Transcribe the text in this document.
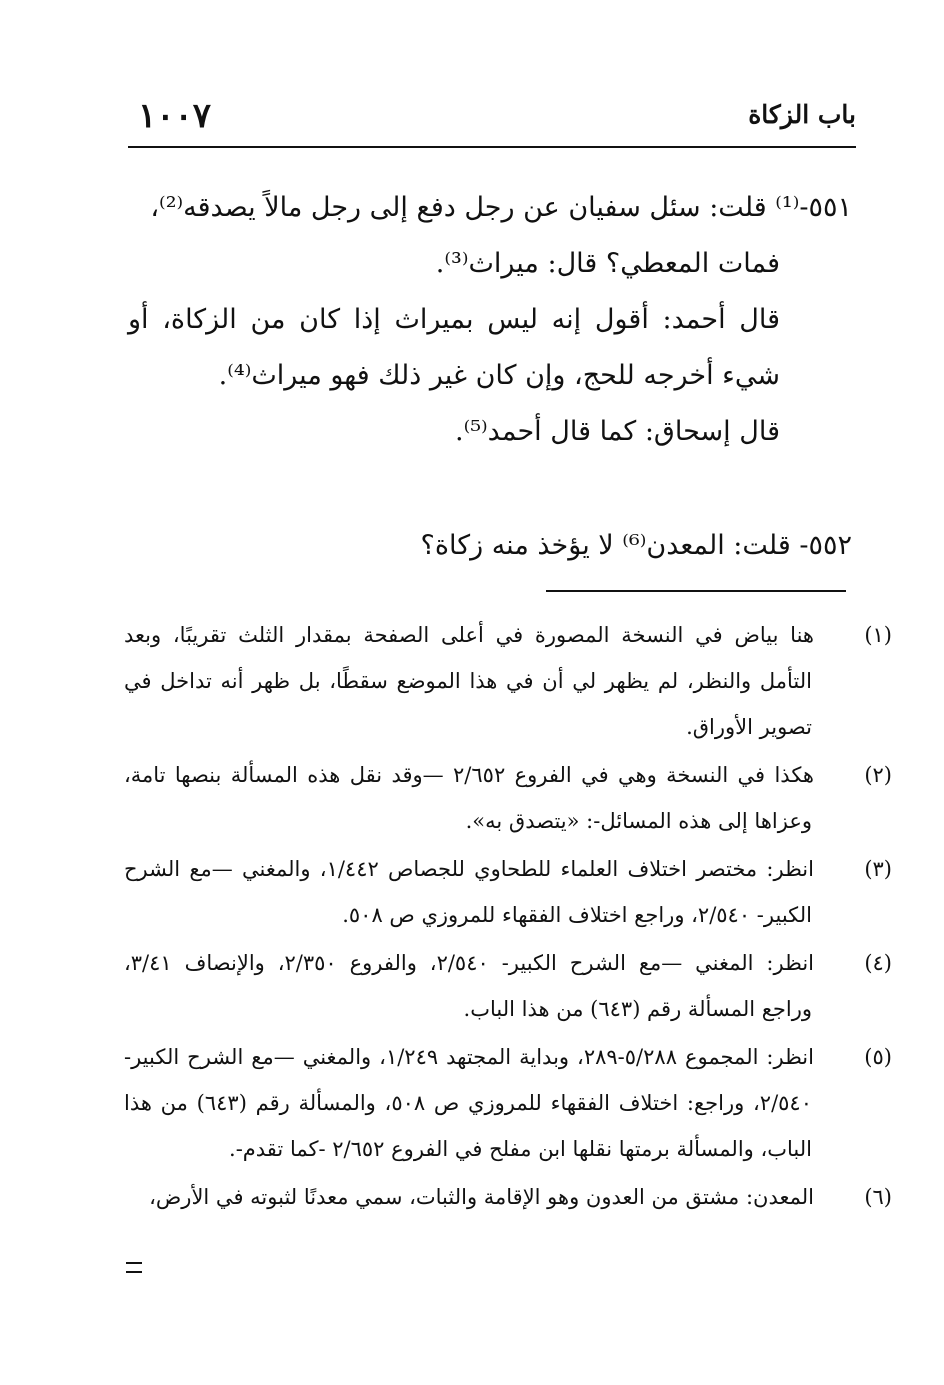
١٠٠٧	باب الزكاة

٥٥١-⁽¹⁾ قلت: سئل سفيان عن رجل دفع إلى رجل مالاً يصدقه⁽²⁾،

فمات المعطي؟ قال: ميراث⁽³⁾.

قال أحمد: أقول إنه ليس بميراث إذا كان من الزكاة، أو شيء أخرجه للحج، وإن كان غير ذلك فهو ميراث⁽⁴⁾.

قال إسحاق: كما قال أحمد⁽⁵⁾.

٥٥٢- قلت: المعدن⁽⁶⁾ لا يؤخذ منه زكاة؟

(١)هنا بياض في النسخة المصورة في أعلى الصفحة بمقدار الثلث تقريبًا، وبعد التأمل والنظر، لم يظهر لي أن في هذا الموضع سقطًا، بل ظهر أنه تداخل في تصوير الأوراق.

(٢)هكذا في النسخة وهي في الفروع ٢/٦٥٢ —وقد نقل هذه المسألة بنصها تامة، وعزاها إلى هذه المسائل-: «يتصدق به».

(٣)انظر: مختصر اختلاف العلماء للطحاوي للجصاص ١/٤٤٢، والمغني —مع الشرح الكبير- ٢/٥٤٠، وراجع اختلاف الفقهاء للمروزي ص ٥٠٨.

(٤)انظر: المغني —مع الشرح الكبير- ٢/٥٤٠، والفروع ٢/٣٥٠، والإنصاف ٣/٤١، وراجع المسألة رقم (٦٤٣) من هذا الباب.

(٥)انظر: المجموع ٥/٢٨٨-٢٨٩، وبداية المجتهد ١/٢٤٩، والمغني —مع الشرح الكبير- ٢/٥٤٠، وراجع: اختلاف الفقهاء للمروزي ص ٥٠٨، والمسألة رقم (٦٤٣) من هذا الباب، والمسألة برمتها نقلها ابن مفلح في الفروع ٢/٦٥٢ -كما تقدم-.

(٦)المعدن: مشتق من العدون وهو الإقامة والثبات، سمي معدنًا لثبوته في الأرض،
